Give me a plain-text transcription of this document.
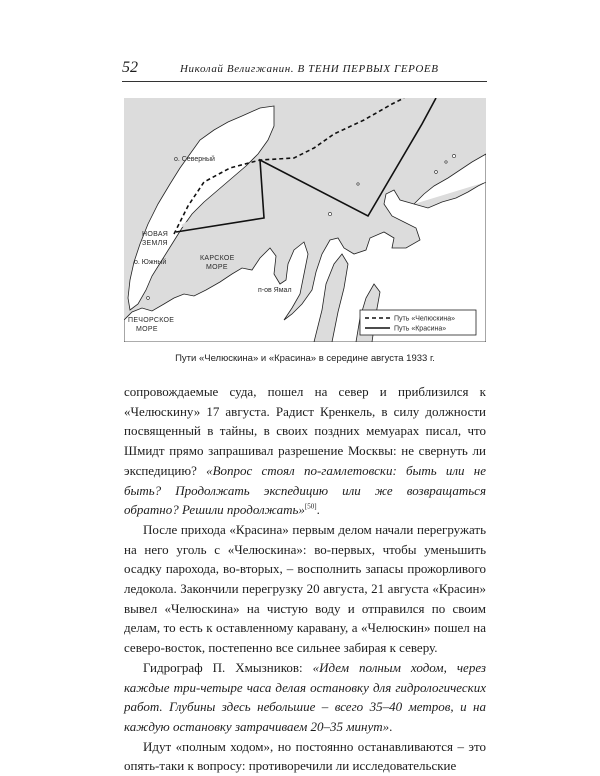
52	Николай Велигжанин. В ТЕНИ ПЕРВЫХ ГЕРОЕВ
о. Северный
НОВАЯ
ЗЕМЛЯ
о. Южный
КАРСКОЕ
МОРЕ
п-ов Ямал
ПЕЧОРСКОЕ
МОРЕ
Путь «Челюскина»
Путь «Красина»
Пути «Челюскина» и «Красина» в середине августа 1933 г.

сопровождаемые суда, пошел на север и приблизился к «Челюскину» 17 августа. Радист Кренкель, в силу должности посвященный в тайны, в своих поздних мемуарах писал, что Шмидт прямо запрашивал разрешение Москвы: не свернуть ли экспедицию? «Вопрос стоял по-гамлетовски: быть или не быть? Продолжать экспедицию или же возвращаться обратно? Решили продолжать»[50].

После прихода «Красина» первым делом начали перегружать на него уголь с «Челюскина»: во-первых, чтобы уменьшить осадку парохода, во-вторых, – восполнить запасы прожорливого ледокола. Закончили перегрузку 20 августа, 21 августа «Красин» вывел «Челюскина» на чистую воду и отправился по своим делам, то есть к оставленному каравану, а «Челюскин» пошел на северо-восток, постепенно все сильнее забирая к северу.

Гидрограф П. Хмызников: «Идем полным ходом, через каждые три-четыре часа делая остановку для гидрологических работ. Глубины здесь небольшие – всего 35–40 метров, и на каждую остановку затрачиваем 20–35 минут».

Идут «полным ходом», но постоянно останавливаются – это опять-таки к вопросу: противоречили ли исследовательские
